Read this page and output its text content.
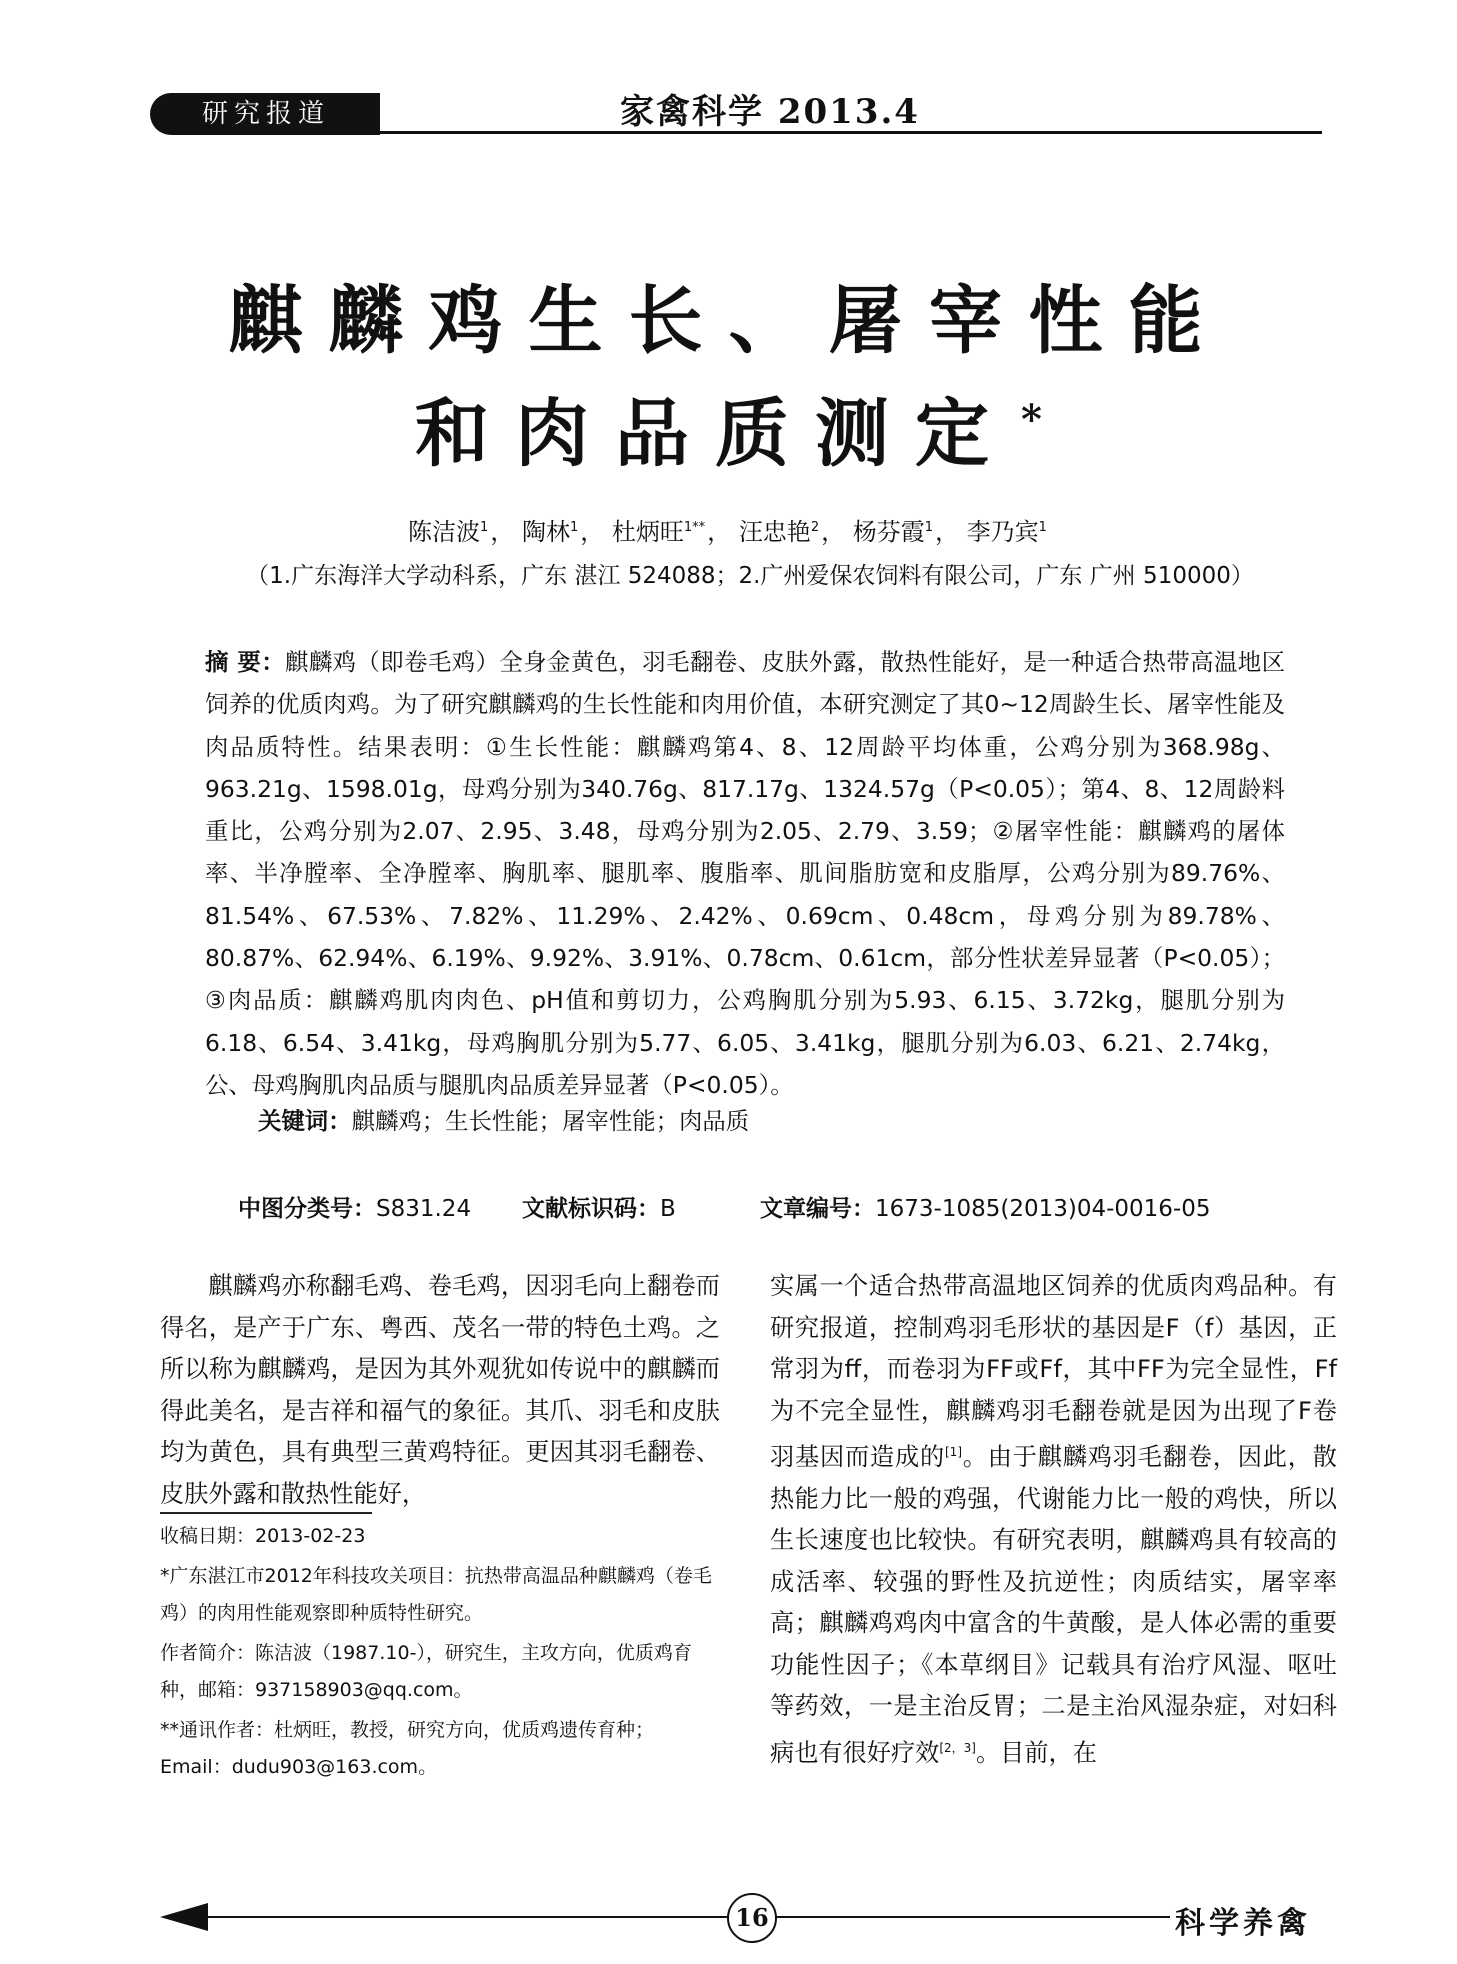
研究报道	家禽科学 2013.4
麒麟鸡生长、屠宰性能
和肉品质测定 *
陈洁波$^1$， 陶林$^1$， 杜炳旺$^{1**}$， 汪忠艳$^2$， 杨芬霞$^1$， 李乃宾$^1$
（1.广东海洋大学动科系，广东 湛江 524088；2.广州爱保农饲料有限公司，广东 广州 510000）
摘 要：麒麟鸡（即卷毛鸡）全身金黄色，羽毛翻卷、皮肤外露，散热性能好，是一种适合热带高温地区饲养的优质肉鸡。为了研究麒麟鸡的生长性能和肉用价值，本研究测定了其0~12周龄生长、屠宰性能及肉品质特性。结果表明：①生长性能：麒麟鸡第4、8、12周龄平均体重，公鸡分别为368.98g、963.21g、1598.01g，母鸡分别为340.76g、817.17g、1324.57g（P<0.05）；第4、8、12周龄料重比，公鸡分别为2.07、2.95、3.48，母鸡分别为2.05、2.79、3.59；②屠宰性能：麒麟鸡的屠体率、半净膛率、全净膛率、胸肌率、腿肌率、腹脂率、肌间脂肪宽和皮脂厚，公鸡分别为89.76%、81.54%、67.53%、7.82%、11.29%、2.42%、0.69cm、0.48cm，母鸡分别为89.78%、80.87%、62.94%、6.19%、9.92%、3.91%、0.78cm、0.61cm，部分性状差异显著（P<0.05）；③肉品质：麒麟鸡肌肉肉色、pH值和剪切力，公鸡胸肌分别为5.93、6.15、3.72kg，腿肌分别为6.18、6.54、3.41kg，母鸡胸肌分别为5.77、6.05、3.41kg，腿肌分别为6.03、6.21、2.74kg，公、母鸡胸肌肉品质与腿肌肉品质差异显著（P<0.05）。
关键词：麒麟鸡；生长性能；屠宰性能；肉品质
中图分类号：S831.24 文献标识码：B	文章编号：1673-1085(2013)04-0016-05

麒麟鸡亦称翻毛鸡、卷毛鸡，因羽毛向上翻卷而得名，是产于广东、粤西、茂名一带的特色土鸡。之所以称为麒麟鸡，是因为其外观犹如传说中的麒麟而得此美名，是吉祥和福气的象征。其爪、羽毛和皮肤均为黄色，具有典型三黄鸡特征。更因其羽毛翻卷、皮肤外露和散热性能好，

实属一个适合热带高温地区饲养的优质肉鸡品种。有研究报道，控制鸡羽毛形状的基因是F（f）基因，正常羽为ff，而卷羽为FF或Ff，其中FF为完全显性，Ff为不完全显性，麒麟鸡羽毛翻卷就是因为出现了F卷羽基因而造成的[1]。由于麒麟鸡羽毛翻卷，因此，散热能力比一般的鸡强，代谢能力比一般的鸡快，所以生长速度也比较快。有研究表明，麒麟鸡具有较高的成活率、较强的野性及抗逆性；肉质结实，屠宰率高；麒麟鸡鸡肉中富含的牛黄酸，是人体必需的重要功能性因子；《本草纲目》记载具有治疗风湿、呕吐等药效，一是主治反胃；二是主治风湿杂症，对妇科病也有很好疗效[2，3]。目前，在

收稿日期：2013-02-23

*广东湛江市2012年科技攻关项目：抗热带高温品种麒麟鸡（卷毛鸡）的肉用性能观察即种质特性研究。

作者简介：陈洁波（1987.10-），研究生，主攻方向，优质鸡育种，邮箱：937158903@qq.com。

**通讯作者：杜炳旺，教授，研究方向，优质鸡遗传育种； Email：dudu903@163.com。

16	科学养禽
